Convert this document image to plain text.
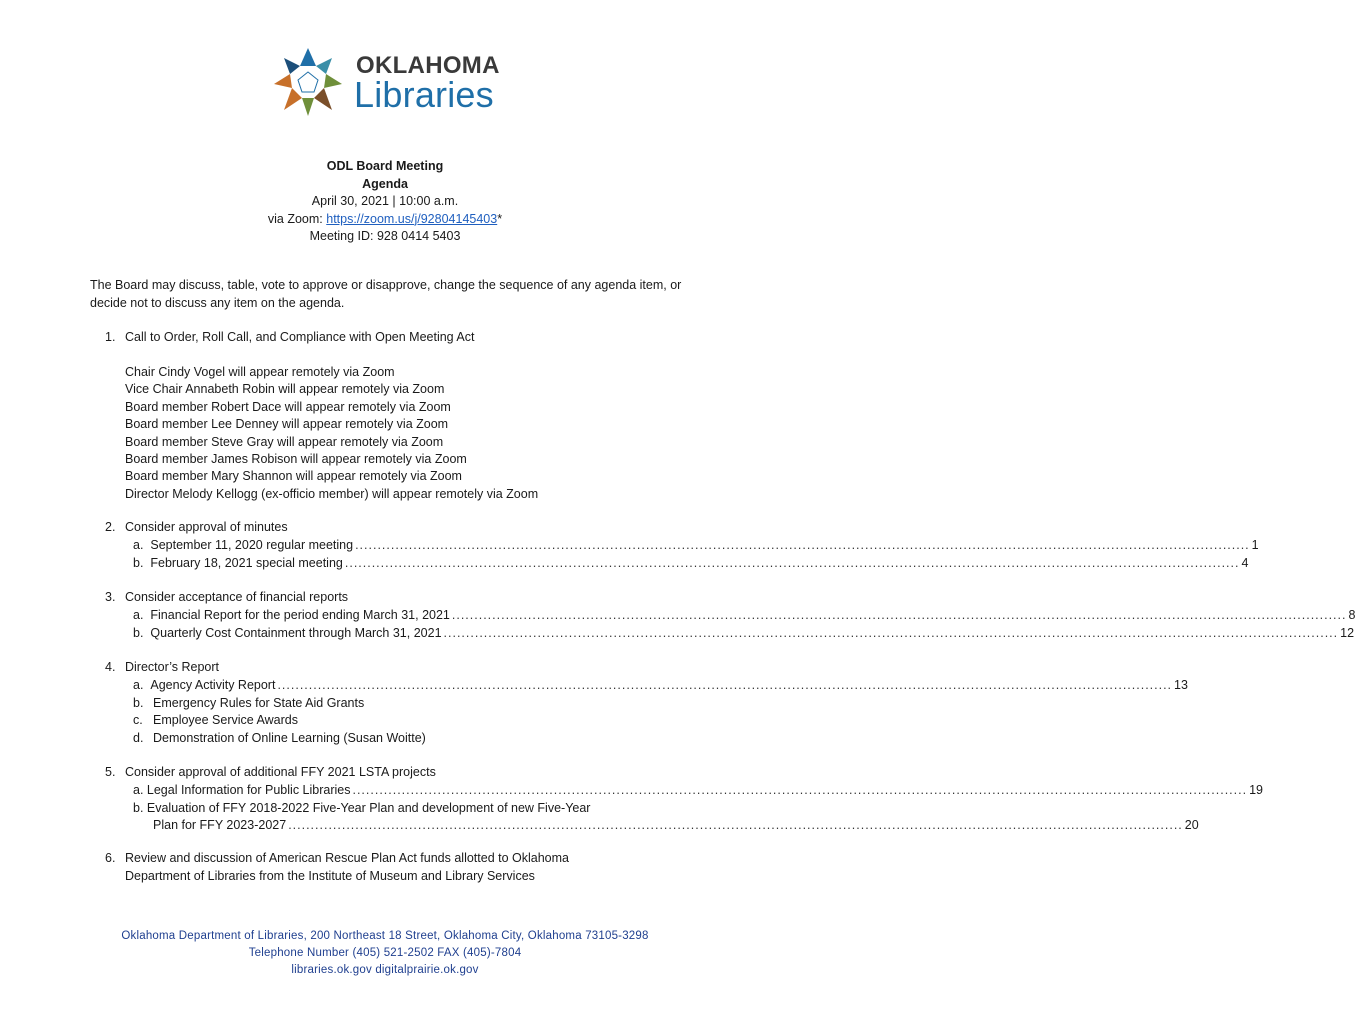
OKLAHOMA
Libraries
ODL Board Meeting
Agenda
April 30, 2021 | 10:00 a.m.
via Zoom: https://zoom.us/j/92804145403*
Meeting ID: 928 0414 5403
The Board may discuss, table, vote to approve or disapprove, change the sequence of any agenda item, or decide not to discuss any item on the agenda.
1. Call to Order, Roll Call, and Compliance with Open Meeting Act
Chair Cindy Vogel will appear remotely via Zoom
Vice Chair Annabeth Robin will appear remotely via Zoom
Board member Robert Dace will appear remotely via Zoom
Board member Lee Denney will appear remotely via Zoom
Board member Steve Gray will appear remotely via Zoom
Board member James Robison will appear remotely via Zoom
Board member Mary Shannon will appear remotely via Zoom
Director Melody Kellogg (ex-officio member) will appear remotely via Zoom
2. Consider approval of minutes
a. September 11, 2020 regular meeting ........................................................................................................................................................................................................ 1
b. February 18, 2021 special meeting ........................................................................................................................................................................................................ 4
3. Consider acceptance of financial reports
a. Financial Report for the period ending March 31, 2021 ........................................................................................................................................................................................................ 8
b. Quarterly Cost Containment through March 31, 2021 ........................................................................................................................................................................................................ 12
4. Director’s Report
a. Agency Activity Report ........................................................................................................................................................................................................ 13
b. Emergency Rules for State Aid Grants
c. Employee Service Awards
d. Demonstration of Online Learning (Susan Woitte)
5. Consider approval of additional FFY 2021 LSTA projects
a. Legal Information for Public Libraries ........................................................................................................................................................................................................ 19
b. Evaluation of FFY 2018-2022 Five-Year Plan and development of new Five-Year
Plan for FFY 2023-2027 ........................................................................................................................................................................................................ 20
6. Review and discussion of American Rescue Plan Act funds allotted to Oklahoma
Department of Libraries from the Institute of Museum and Library Services
Oklahoma Department of Libraries, 200 Northeast 18 Street, Oklahoma City, Oklahoma 73105-3298
Telephone Number (405) 521-2502 FAX (405)-7804
libraries.ok.gov digitalprairie.ok.gov
